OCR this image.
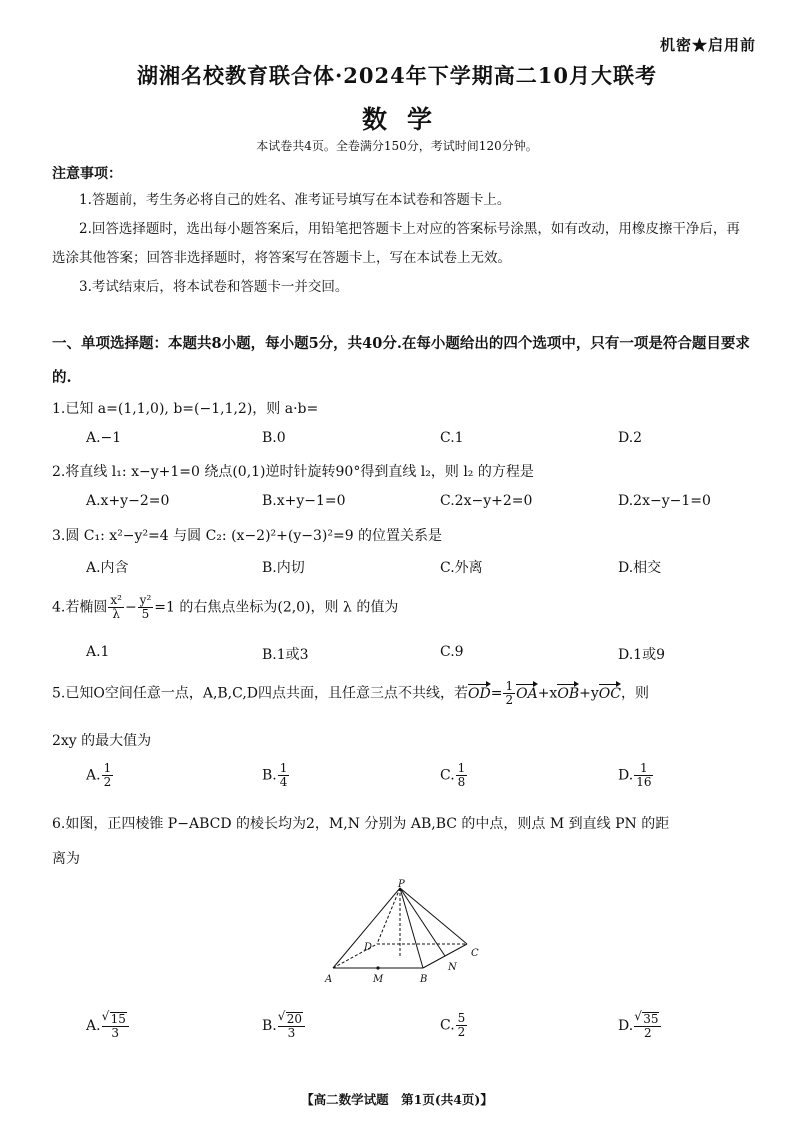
机密★启用前
湖湘名校教育联合体·2024年下学期高二10月大联考
数学
本试卷共4页。全卷满分150分，考试时间120分钟。
注意事项：
1.答题前，考生务必将自己的姓名、准考证号填写在本试卷和答题卡上。
2.回答选择题时，选出每小题答案后，用铅笔把答题卡上对应的答案标号涂黑，如有改动，用橡皮擦干净后，再选涂其他答案；回答非选择题时，将答案写在答题卡上，写在本试卷上无效。
3.考试结束后，将本试卷和答题卡一并交回。
一、单项选择题：本题共8小题，每小题5分，共40分.在每小题给出的四个选项中，只有一项是符合题目要求的.
1.已知 a=(1,1,0), b=(−1,1,2)，则 a·b=
A.−1	B.0	C.1	D.2
2.将直线 l₁: x−y+1=0 绕点(0,1)逆时针旋转90°得到直线 l₂，则 l₂ 的方程是
A.x+y−2=0	B.x+y−1=0	C.2x−y+2=0	D.2x−y−1=0
3.圆 C₁: x²−y²=4 与圆 C₂: (x−2)²+(y−3)²=9 的位置关系是
A.内含	B.内切	C.外离	D.相交
4.若椭圆 $\frac{\text{x²}}{\lambda} - \frac{\text{y²}}{5} =1$ 的右焦点坐标为(2,0)，则 λ 的值为
A.1	B.1或3	C.9	D.1或9
5.已知O空间任意一点，A,B,C,D四点共面，且任意三点不共线，若$OD= \frac{1}{2} OA+xOB+yOC$，则
2xy 的最大值为
A. $\frac{1}{2}$	B. $\frac{1}{4}$	C. $\frac{1}{8}$	D. $\frac{1}{16}$
6.如图，正四棱锥 P−ABCD 的棱长均为2，M,N 分别为 AB,BC 的中点，则点 M 到直线 PN 的距
离为
P
D
C
A	M	B
N
A. √ $\frac{15}{3}$	B. √ $\frac{20}{3}$	C. $\frac{5}{2}$	D. √ $\frac{35}{2}$
【高二数学试题　第1页(共4页)】
